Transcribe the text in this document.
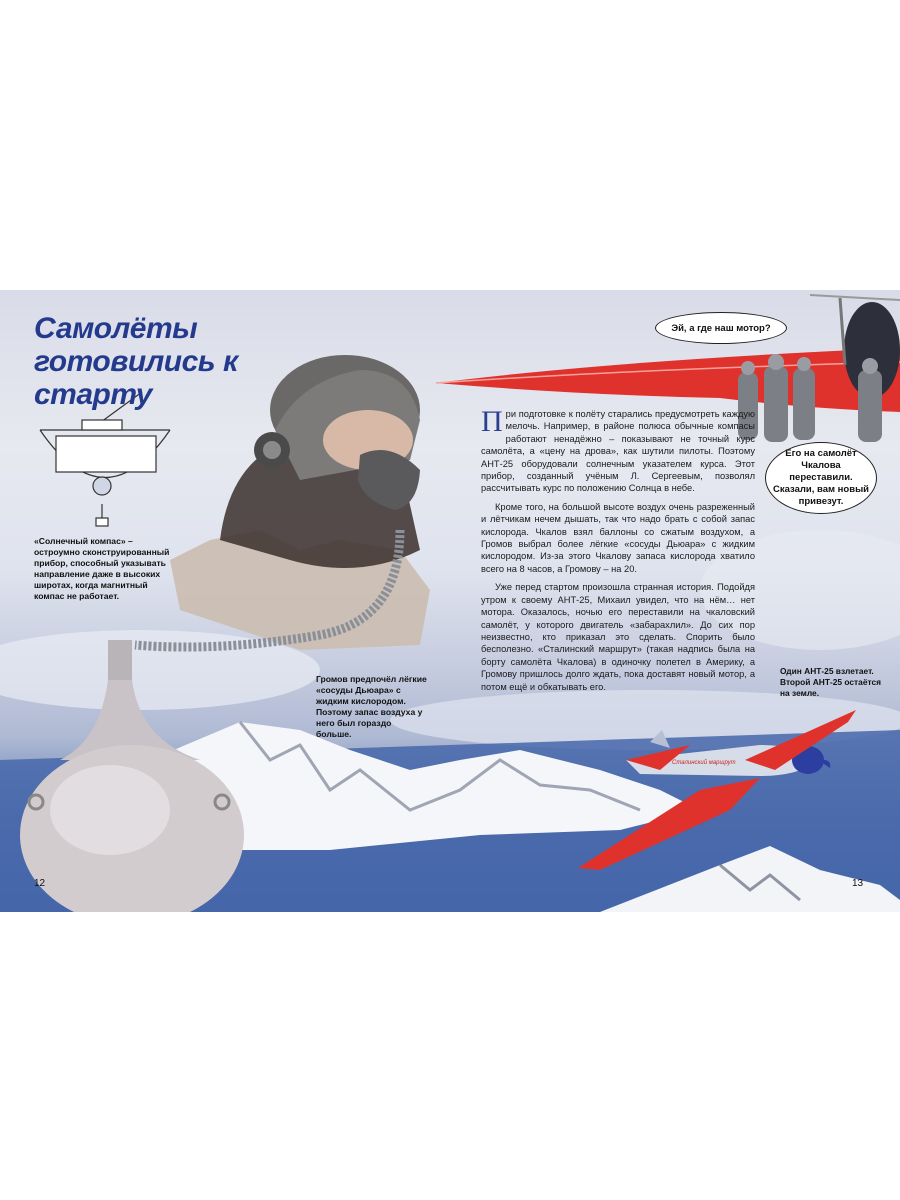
Сталинский маршрут
Самолёты готовились к старту
«Солнечный компас» – остроумно сконструированный прибор, способный указывать направление даже в высоких широтах, когда магнитный компас не работает.
Громов предпочёл лёгкие «сосуды Дьюара» с жидким кислородом. Поэтому запас воздуха у него был гораздо больше.
Один АНТ-25 взлетает. Второй АНТ-25 остаётся на земле.
Эй, а где наш мотор?
Его на самолёт Чкалова переставили. Сказали, вам новый привезут.

При подготовке к полёту старались предусмотреть каждую мелочь. Например, в районе полюса обычные компасы работают ненадёжно – показывают не точный курс самолёта, а «цену на дрова», как шутили пилоты. Поэтому АНТ-25 оборудовали солнечным указателем курса. Этот прибор, созданный учёным Л. Сергеевым, позволял рассчитывать курс по положению Солнца в небе.

Кроме того, на большой высоте воздух очень разреженный и лётчикам нечем дышать, так что надо брать с собой запас кислорода. Чкалов взял баллоны со сжатым воздухом, а Громов выбрал более лёгкие «сосуды Дьюара» с жидким кислородом. Из-за этого Чкалову запаса кислорода хватило всего на 8 часов, а Громову – на 20.

Уже перед стартом произошла странная история. Подойдя утром к своему АНТ-25, Михаил увидел, что на нём… нет мотора. Оказалось, ночью его переставили на чкаловский самолёт, у которого двигатель «забарахлил». До сих пор неизвестно, кто приказал это сделать. Спорить было бесполезно. «Сталинский маршрут» (такая надпись была на борту самолёта Чкалова) в одиночку полетел в Америку, а Громову пришлось долго ждать, пока доставят новый мотор, а потом ещё и обкатывать его.

12	13
